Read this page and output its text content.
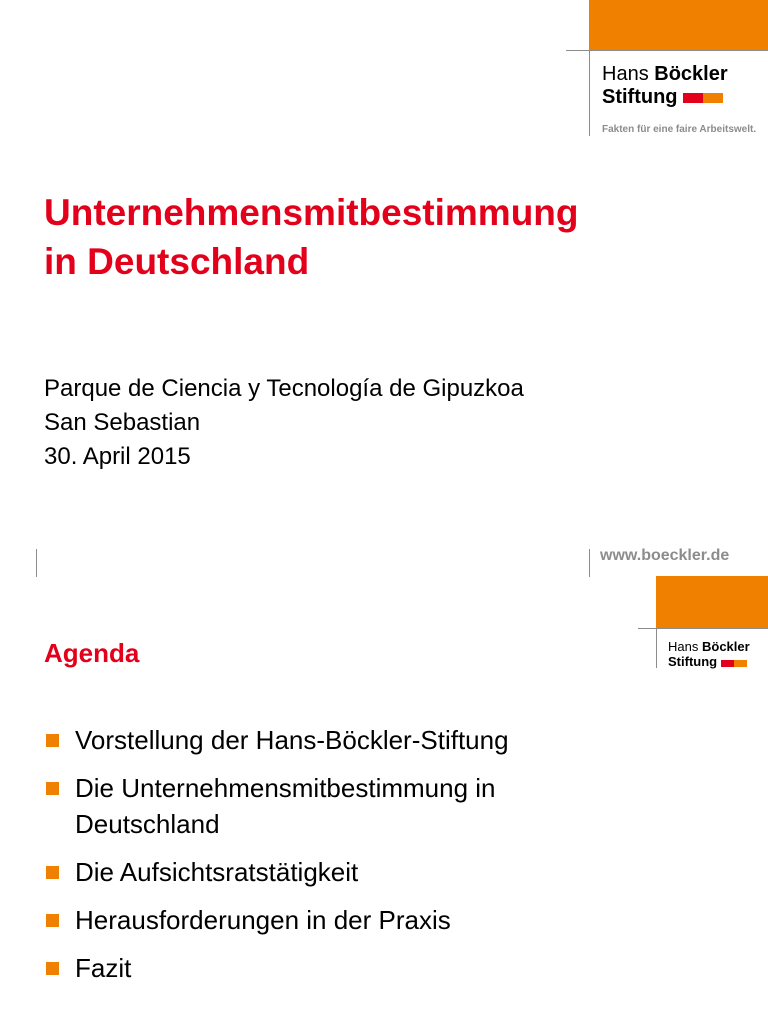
Hans Böckler
Stiftung
Fakten für eine faire Arbeitswelt.
Unternehmensmitbestimmung
in Deutschland

Parque de Ciencia y Tecnología de Gipuzkoa
San Sebastian
30. April 2015

www.boeckler.de
Hans Böckler
Stiftung
Agenda
Vorstellung der Hans-Böckler-Stiftung
Die Unternehmensmitbestimmung in Deutschland
Die Aufsichtsratstätigkeit
Herausforderungen in der Praxis
Fazit
